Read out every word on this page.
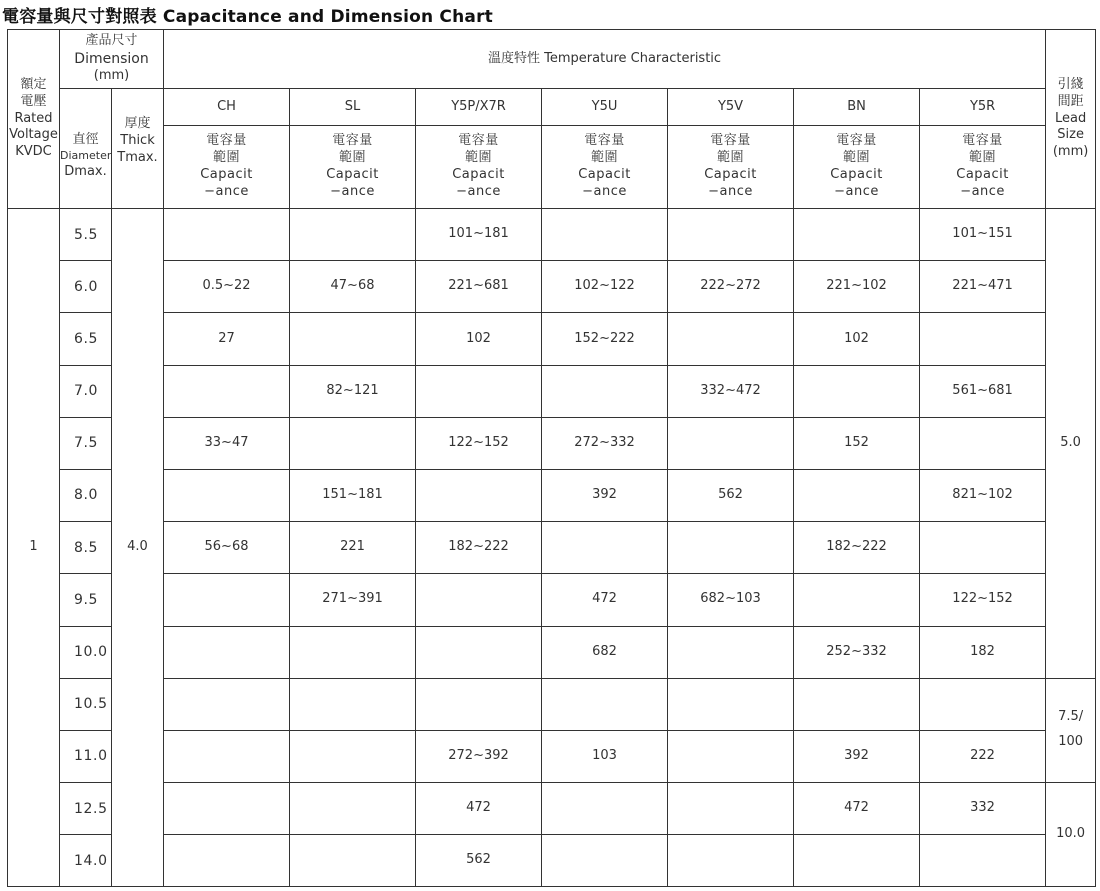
電容量與尺寸對照表 Capacitance and Dimension Chart
額定
電壓
Rated
Voltage
KVDC	產品尺寸
Dimension
(mm)		溫度特性 Temperature Characteristic							引綫
間距
Lead
Size
(mm)

	直徑
Diameter
Dmax.	厚度
Thick
Tmax.	CH	SL	Y5P/X7R	Y5U	Y5V	BN	Y5R	

			電容量
範圍
Capacit
−ance	電容量
範圍
Capacit
−ance	電容量
範圍
Capacit
−ance	電容量
範圍
Capacit
−ance	電容量
範圍
Capacit
−ance	電容量
範圍
Capacit
−ance	電容量
範圍
Capacit
−ance	

1	5.5	4.0			101~181				101~151	5.0
	6.0		0.5~22	47~68	221~681	102~122	222~272	221~102	221~471	
	6.5		27		102	152~222		102		
	7.0			82~121			332~472		561~681	
	7.5		33~47		122~152	272~332		152		
	8.0			151~181		392	562		821~102	
	8.5		56~68	221	182~222			182~222		
	9.5			271~391		472	682~103		122~152	
	10.0					682		252~332	182	
	10.5									7.5/
100

	11.0				272~392	103		392	222	
	12.5				472			472	332	10.0
	14.0				562					
